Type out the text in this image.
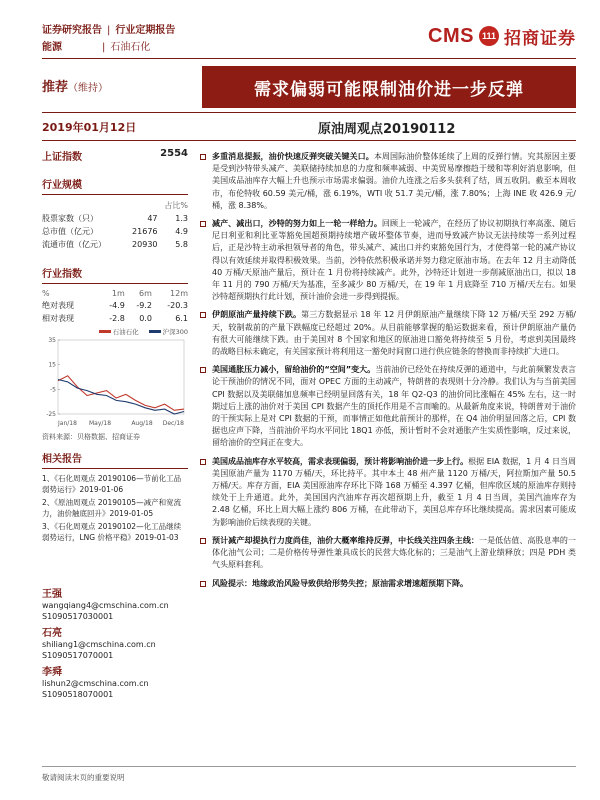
证券研究报告 | 行业定期报告
能源	| 石油石化
CMS 111 招商证券
推荐（维持）	需求偏弱可能限制油价进一步反弹
2019年01月12日	原油周观点20190112
上证指数	2554
行业规模
		占比%
股票家数（只）	47	1.3
总市值（亿元）	21676	4.9
流通市值（亿元）	20930	5.8
行业指数
%	1m	6m	12m
绝对表现	-4.9	-9.2	-20.3
相对表现	-2.8	0.0	6.1
石油石化	沪深300
35
15
-5
-25
Jan/18 May/18	Aug/18 Dec/18
资料来源：贝格数据、招商证券
相关报告
1、《石化周观点 20190106—节前化工品弱势运行》2019-01-06
2、《原油周观点 20190105—减产和宽流力，油价触底回升》2019-01-05
3、《石化周观点 20190102—化工品继续弱势运行，LNG 价格平稳》2019-01-03
王强
wangqiang4@cmschina.com.cn
S1090517030001
石亮
shiliang1@cmschina.com.cn
S1090517070001
李舜
lishun2@cmschina.com.cn
S1090518070001
多重消息提振，油价快速反弹突破关键关口。本周国际油价整体延续了上周的反弹行情。究其原因主要是受到沙特带头减产、美联储持续加息的力度和频率减弱、中美贸易摩擦趋于缓和等利好消息影响，但美国成品油库存大幅上升也预示市场需求偏弱。油价九连涨之后多头获利了结，周五收阴。截至本周收市，布伦特收 60.59 美元/桶，涨 6.19%，WTI 收 51.7 美元/桶，涨 7.80%；上海 INE 收 426.9 元/桶，涨 8.38%。
减产、减出口，沙特的努力如上一轮一样给力。回顾上一轮减产，在经历了协议初期执行率高涨、随后尼日利亚和利比亚等豁免国超预期持续增产破坏整体节奏，进而导致减产协议无法持续等一系列过程后，正是沙特主动承担领导者的角色，带头减产、减出口并约束豁免国行为，才使得第一轮的减产协议得以有效延续并取得积极效果。当前，沙特依然积极承诺并努力稳定原油市场。在去年 12 月主动降低 40 万桶/天原油产量后，预计在 1 月份将持续减产。此外，沙特还计划进一步削减原油出口，拟以 18 年 11 月的 790 万桶/天为基准，至多减少 80 万桶/天，在 19 年 1 月底降至 710 万桶/天左右。如果沙特超预期执行此计划，预计油价会进一步得到提振。
伊朗原油产量持续下跌。第三方数据显示 18 年 12 月伊朗原油产量继续下降 12 万桶/天至 292 万桶/天，较制裁前的产量下跌幅度已经超过 20%。从目前能够掌握的船运数据来看，预计伊朗原油产量仍有很大可能继续下跌。由于美国对 8 个国家和地区的原油进口豁免将持续至 5 月份，考虑到美国最终的战略目标未确定，有关国家预计将利用这一豁免时间窗口进行供应链条的替换而非持续扩大进口。
美国通胀压力减小，留给油价的“空间”变大。当前油价已经处在持续反弹的通道中，与此前频繁发表言论干预油价的情况不同，面对 OPEC 方面的主动减产，特朗普的表现则十分冷静。我们认为与当前美国 CPI 数据以及美联储加息频率已经明显回落有关，18 年 Q2-Q3 的油价同比涨幅在 45% 左右，这一时期过后上涨的油价对于美国 CPI 数据产生的顶托作用是不言而喻的。从最新角度来说，特朗普对于油价的干预实际上是对 CPI 数据的干预，而事情正如他此前预计的那样，在 Q4 油价明显回落之后，CPI 数据也应声下降，当前油价平均水平同比 18Q1 亦低，预计暂时不会对通胀产生实质性影响，反过来说，留给油价的空间正在变大。
美国成品油库存水平较高，需求表现偏弱，预计将影响油价进一步上行。根据 EIA 数据，1 月 4 日当周美国原油产量为 1170 万桶/天，环比持平。其中本土 48 州产量 1120 万桶/天，阿拉斯加产量 50.5 万桶/天。库存方面，EIA 美国原油库存环比下降 168 万桶至 4.397 亿桶，但库欣区域的原油库存则持续处于上升通道。此外，美国国内汽油库存再次超预期上升，截至 1 月 4 日当周，美国汽油库存为 2.48 亿桶，环比上周大幅上涨约 806 万桶，在此带动下，美国总库存环比继续提高。需求因素可能成为影响油价后续表现的关键。
预计减产却提执行力度尚佳，油价大概率维持反弹，中长线关注四条主线：一是低估值、高股息率的一体化油气公司；二是价格传导弹性兼具成长的民营大炼化标的；三是油气上游业绩释放；四是 PDH 类气头原料套利。
风险提示：地缘政治风险导致供给形势失控；原油需求增速超预期下降。
敬请阅读末页的重要说明
